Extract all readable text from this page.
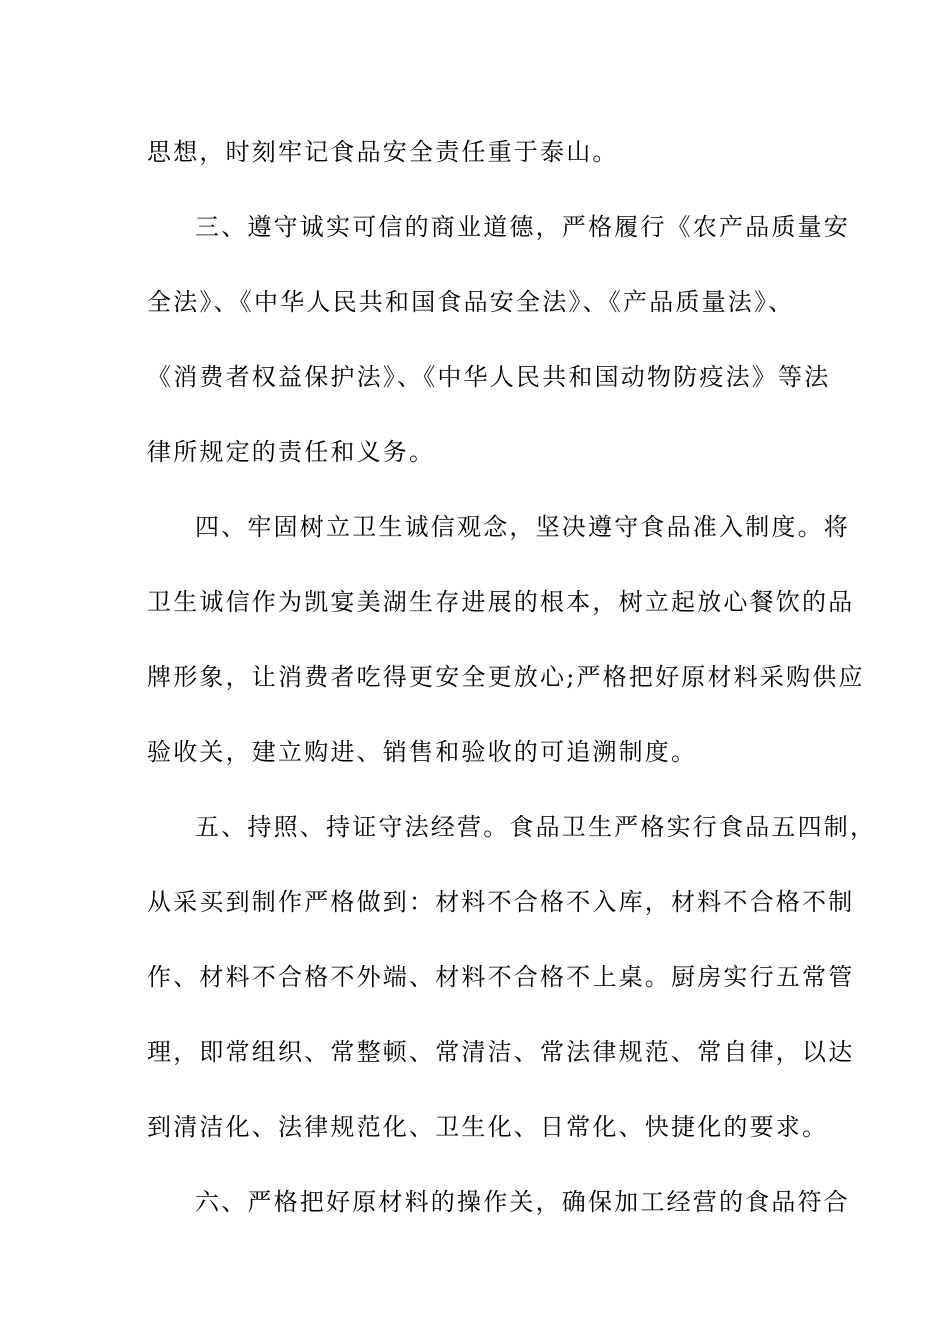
思想，时刻牢记食品安全责任重于泰山。
三、遵守诚实可信的商业道德，严格履行《农产品质量安
全法》、《中华人民共和国食品安全法》、《产品质量法》、
《消费者权益保护法》、《中华人民共和国动物防疫法》等法
律所规定的责任和义务。
四、牢固树立卫生诚信观念，坚决遵守食品准入制度。将
卫生诚信作为凯宴美湖生存进展的根本，树立起放心餐饮的品
牌形象，让消费者吃得更安全更放心;严格把好原材料采购供应
验收关，建立购进、销售和验收的可追溯制度。
五、持照、持证守法经营。食品卫生严格实行食品五四制，
从采买到制作严格做到：材料不合格不入库，材料不合格不制
作、材料不合格不外端、材料不合格不上桌。厨房实行五常管
理，即常组织、常整顿、常清洁、常法律规范、常自律，以达
到清洁化、法律规范化、卫生化、日常化、快捷化的要求。
六、严格把好原材料的操作关，确保加工经营的食品符合
